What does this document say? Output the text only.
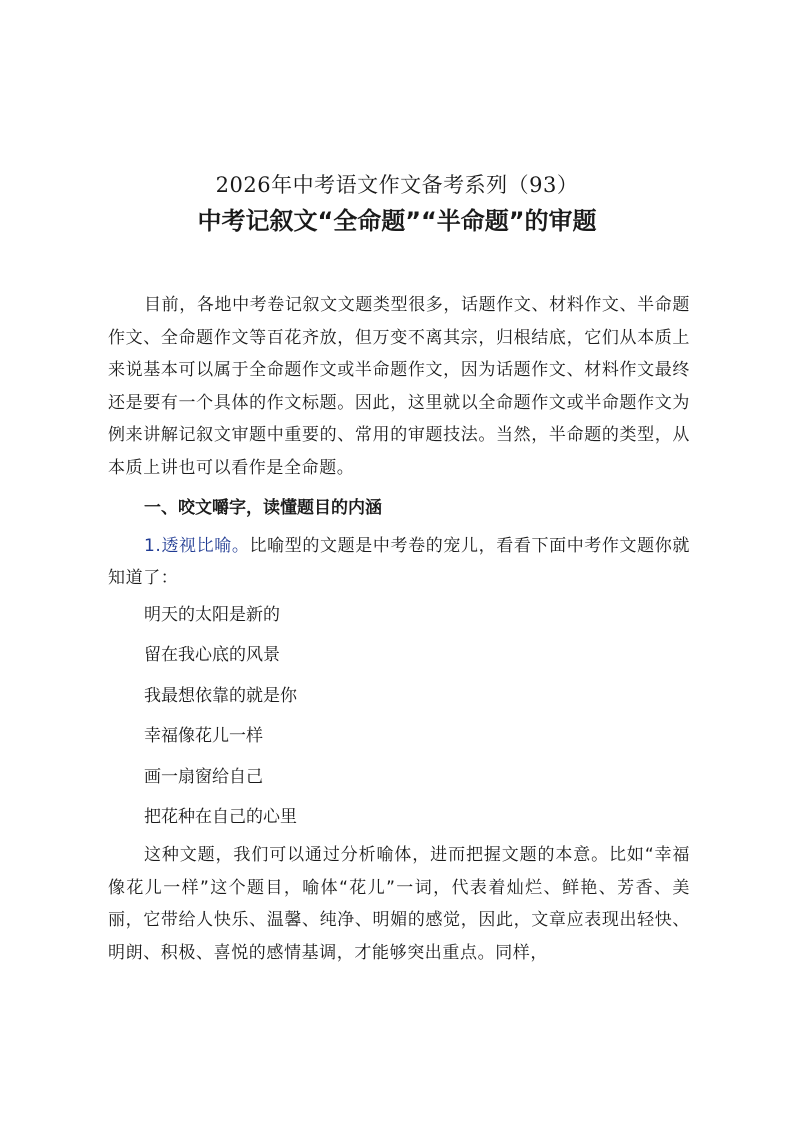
2026年中考语文作文备考系列（93）
中考记叙文“全命题”“半命题”的审题

目前，各地中考卷记叙文文题类型很多，话题作文、材料作文、半命题作文、全命题作文等百花齐放，但万变不离其宗，归根结底，它们从本质上来说基本可以属于全命题作文或半命题作文，因为话题作文、材料作文最终还是要有一个具体的作文标题。因此，这里就以全命题作文或半命题作文为例来讲解记叙文审题中重要的、常用的审题技法。当然，半命题的类型，从本质上讲也可以看作是全命题。

一、咬文嚼字，读懂题目的内涵

1.透视比喻。比喻型的文题是中考卷的宠儿，看看下面中考作文题你就知道了：

明天的太阳是新的
留在我心底的风景
我最想依靠的就是你
幸福像花儿一样
画一扇窗给自己
把花种在自己的心里

这种文题，我们可以通过分析喻体，进而把握文题的本意。比如“幸福像花儿一样”这个题目，喻体“花儿”一词，代表着灿烂、鲜艳、芳香、美丽，它带给人快乐、温馨、纯净、明媚的感觉，因此，文章应表现出轻快、明朗、积极、喜悦的感情基调，才能够突出重点。同样，
